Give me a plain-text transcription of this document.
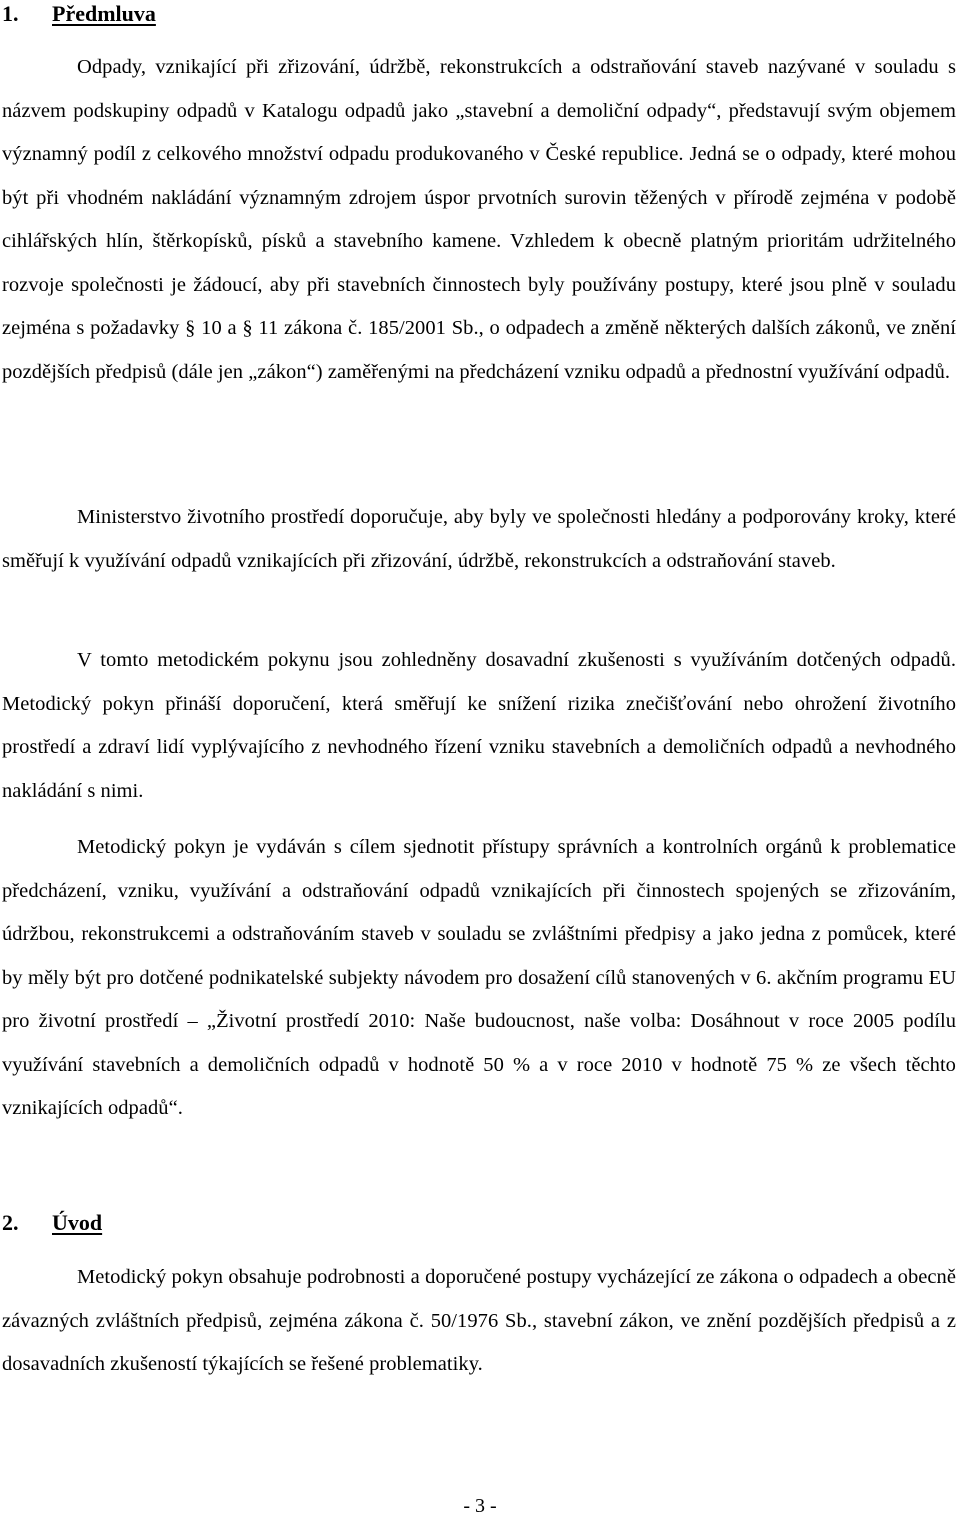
1. Předmluva

Odpady, vznikající při zřizování, údržbě, rekonstrukcích a odstraňování staveb nazývané v souladu s názvem podskupiny odpadů v Katalogu odpadů jako „stavební a demoliční odpady“, představují svým objemem významný podíl z celkového množství odpadu produkovaného v České republice. Jedná se o odpady, které mohou být při vhodném nakládání významným zdrojem úspor prvotních surovin těžených v přírodě zejména v podobě cihlářských hlín, štěrkopísků, písků a stavebního kamene. Vzhledem k obecně platným prioritám udržitelného rozvoje společnosti je žádoucí, aby při stavebních činnostech byly používány postupy, které jsou plně v souladu zejména s požadavky § 10 a § 11 zákona č. 185/2001 Sb., o odpadech a změně některých dalších zákonů, ve znění pozdějších předpisů (dále jen „zákon“) zaměřenými na předcházení vzniku odpadů a přednostní využívání odpadů.

Ministerstvo životního prostředí doporučuje, aby byly ve společnosti hledány a podporovány kroky, které směřují k využívání odpadů vznikajících při zřizování, údržbě, rekonstrukcích a odstraňování staveb.

V tomto metodickém pokynu jsou zohledněny dosavadní zkušenosti s využíváním dotčených odpadů. Metodický pokyn přináší doporučení, která směřují ke snížení rizika znečišťování nebo ohrožení životního prostředí a zdraví lidí vyplývajícího z nevhodného řízení vzniku stavebních a demoličních odpadů a nevhodného nakládání s nimi.

Metodický pokyn je vydáván s cílem sjednotit přístupy správních a kontrolních orgánů k problematice předcházení, vzniku, využívání a odstraňování odpadů vznikajících při činnostech spojených se zřizováním, údržbou, rekonstrukcemi a odstraňováním staveb v souladu se zvláštními předpisy a jako jedna z pomůcek, které by měly být pro dotčené podnikatelské subjekty návodem pro dosažení cílů stanovených v 6. akčním programu EU pro životní prostředí – „Životní prostředí 2010: Naše budoucnost, naše volba: Dosáhnout v roce 2005 podílu využívání stavebních a demoličních odpadů v hodnotě 50 % a v roce 2010 v hodnotě 75 % ze všech těchto vznikajících odpadů“.

2. Úvod

Metodický pokyn obsahuje podrobnosti a doporučené postupy vycházející ze zákona o odpadech a obecně závazných zvláštních předpisů, zejména zákona č. 50/1976 Sb., stavební zákon, ve znění pozdějších předpisů a z dosavadních zkušeností týkajících se řešené problematiky.

- 3 -
